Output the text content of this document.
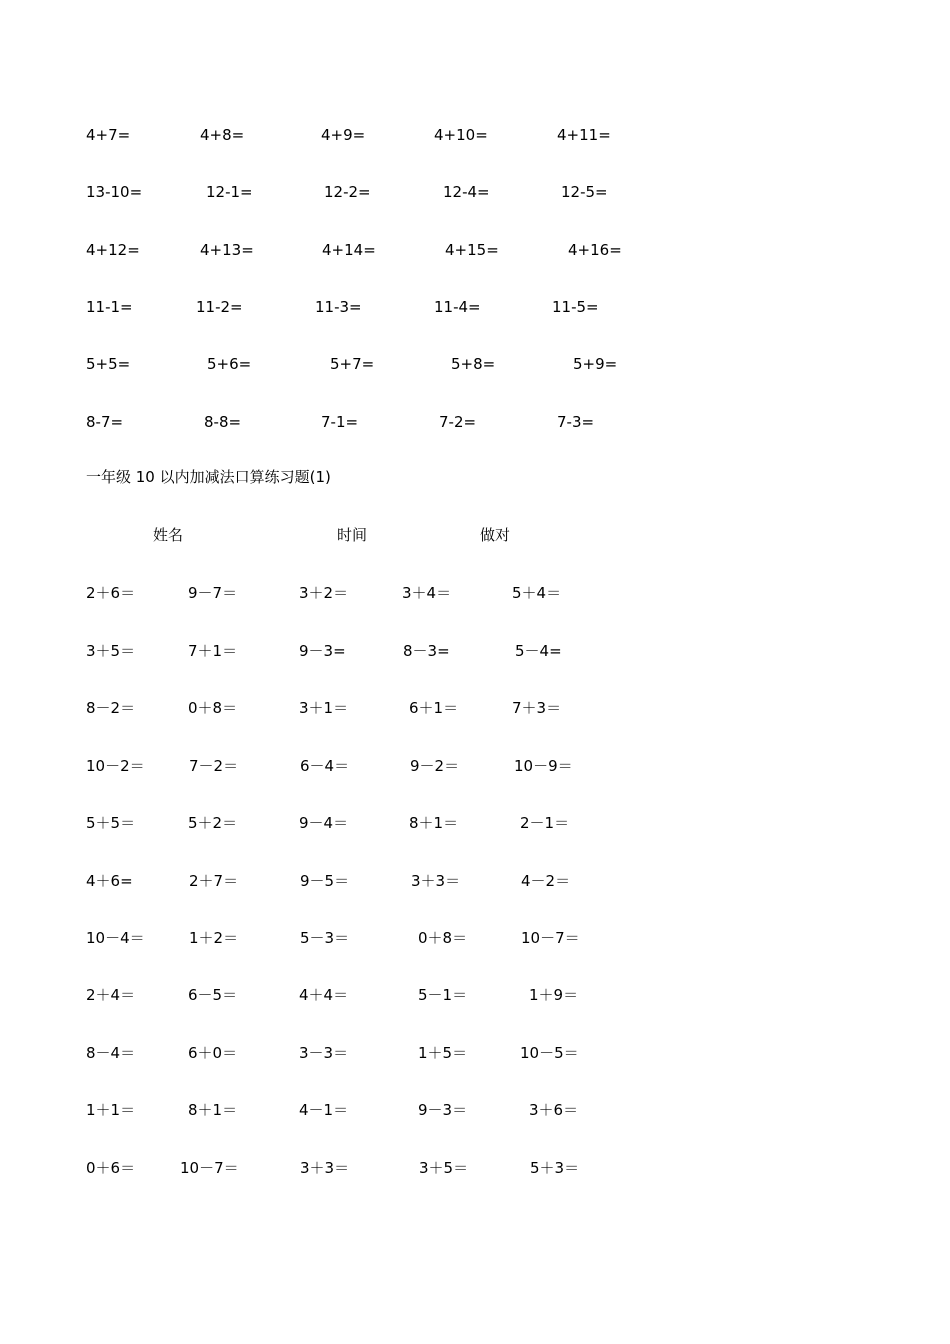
4+7=	4+8=	4+9=	4+10=	4+11=
13-10=	12-1=	12-2=	12-4=	12-5=
4+12=	4+13=	4+14=	4+15=	4+16=
11-1=	11-2=	11-3=	11-4=	11-5=
5+5=	5+6=	5+7=	5+8=	5+9=
8-7=	8-8=	7-1=	7-2=	7-3=
一年级 10 以内加减法口算练习题(1)
姓名	时间	做对
2＋6＝	9－7＝	3＋2＝	3＋4＝	5＋4＝
3＋5＝	7＋1＝	9－3=	8－3=	5－4=
8－2＝	0＋8＝	3＋1＝	6＋1＝	7＋3＝
10－2＝	7－2＝	6－4＝	9－2＝	10－9＝
5＋5＝	5＋2＝	9－4＝	8＋1＝	2－1＝
4＋6=	2＋7＝	9－5＝	3＋3＝	4－2＝
10－4＝	1＋2＝	5－3＝	0＋8＝	10－7＝
2＋4＝	6－5＝	4＋4＝	5－1＝	1＋9＝
8－4＝	6＋0＝	3－3＝	1＋5＝	10－5＝
1＋1＝	8＋1＝	4－1＝	9－3＝	3＋6＝
0＋6＝	10－7＝	3＋3＝	3＋5＝	5＋3＝
